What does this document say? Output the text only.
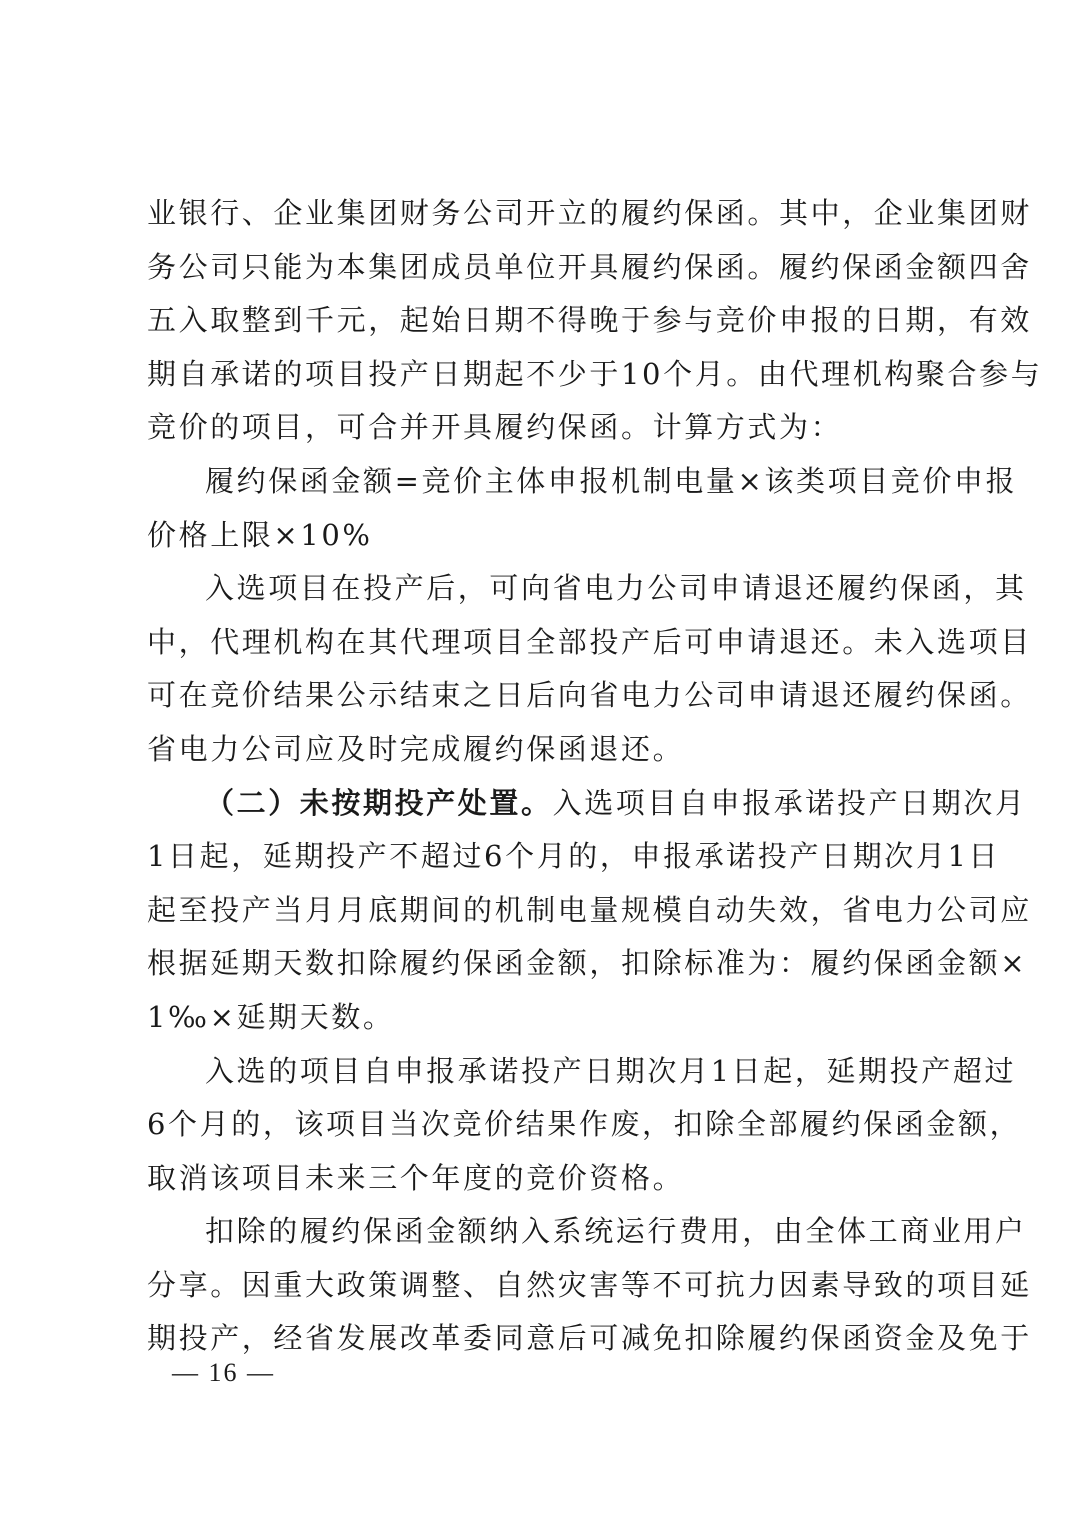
业银行、企业集团财务公司开立的履约保函。其中，企业集团财
务公司只能为本集团成员单位开具履约保函。履约保函金额四舍
五入取整到千元，起始日期不得晚于参与竞价申报的日期，有效
期自承诺的项目投产日期起不少于10个月。由代理机构聚合参与
竞价的项目，可合并开具履约保函。计算方式为：
履约保函金额=竞价主体申报机制电量×该类项目竞价申报
价格上限×10%
入选项目在投产后，可向省电力公司申请退还履约保函，其
中，代理机构在其代理项目全部投产后可申请退还。未入选项目
可在竞价结果公示结束之日后向省电力公司申请退还履约保函。
省电力公司应及时完成履约保函退还。
（二）未按期投产处置。入选项目自申报承诺投产日期次月
1日起，延期投产不超过6个月的，申报承诺投产日期次月1日
起至投产当月月底期间的机制电量规模自动失效，省电力公司应
根据延期天数扣除履约保函金额，扣除标准为：履约保函金额×
1‰×延期天数。
入选的项目自申报承诺投产日期次月1日起，延期投产超过
6个月的，该项目当次竞价结果作废，扣除全部履约保函金额，
取消该项目未来三个年度的竞价资格。
扣除的履约保函金额纳入系统运行费用，由全体工商业用户
分享。因重大政策调整、自然灾害等不可抗力因素导致的项目延
期投产，经省发展改革委同意后可减免扣除履约保函资金及免于
— 16 —
